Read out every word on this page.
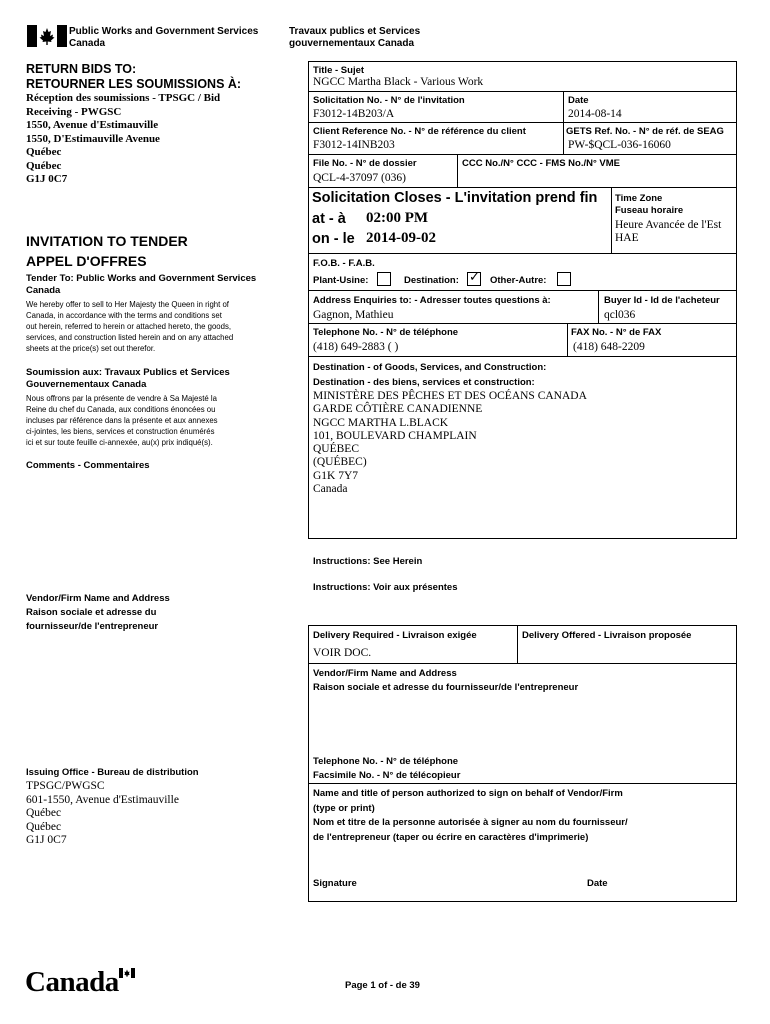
Public Works and Government Services
Canada
Travaux publics et Services
gouvernementaux Canada
RETURN BIDS TO:
RETOURNER LES SOUMISSIONS À:
Réception des soumissions - TPSGC / Bid
Receiving - PWGSC
1550, Avenue d'Estimauville
1550, D'Estimauville Avenue
Québec
Québec
G1J 0C7
INVITATION TO TENDER
APPEL D'OFFRES
Tender To: Public Works and Government Services
Canada
We hereby offer to sell to Her Majesty the Queen in right of
Canada, in accordance with the terms and conditions set
out herein, referred to herein or attached hereto, the goods,
services, and construction listed herein and on any attached
sheets at the price(s) set out therefor.
Soumission aux: Travaux Publics et Services
Gouvernementaux Canada
Nous offrons par la présente de vendre à Sa Majesté la
Reine du chef du Canada, aux conditions énoncées ou
incluses par référence dans la présente et aux annexes
ci-jointes, les biens, services et construction énumérés
ici et sur toute feuille ci-annexée, au(x) prix indiqué(s).
Comments - Commentaires
Vendor/Firm Name and Address
Raison sociale et adresse du
fournisseur/de l'entrepreneur
Issuing Office - Bureau de distribution
TPSGC/PWGSC
601-1550, Avenue d'Estimauville
Québec
Québec
G1J 0C7
Title - Sujet
NGCC Martha Black - Various Work
Solicitation No. - N° de l'invitation
F3012-14B203/A
Date
2014-08-14
Client Reference No. - N° de référence du client
F3012-14INB203
GETS Ref. No. - N° de réf. de SEAG
PW-$QCL-036-16060
File No. - N° de dossier
QCL-4-37097 (036)
CCC No./N° CCC - FMS No./N° VME
Solicitation Closes - L'invitation prend fin
at - à 02:00 PM
on - le 2014-09-02
Time Zone
Fuseau horaire
Heure Avancée de l'Est
HAE
F.O.B. - F.A.B.
Plant-Usine:	Destination: ✓ Other-Autre:
Address Enquiries to: - Adresser toutes questions à:
Gagnon, Mathieu
Buyer Id - Id de l'acheteur
qcl036
Telephone No. - N° de téléphone
(418) 649-2883 ( )
FAX No. - N° de FAX
(418) 648-2209
Destination - of Goods, Services, and Construction:
Destination - des biens, services et construction:
MINISTÈRE DES PÊCHES ET DES OCÉANS CANADA
GARDE CÔTIÈRE CANADIENNE
NGCC MARTHA L.BLACK
101, BOULEVARD CHAMPLAIN
QUÉBEC
(QUÉBEC)
G1K 7Y7
Canada
Instructions: See Herein
Instructions: Voir aux présentes
Delivery Required - Livraison exigée
VOIR DOC.
Delivery Offered - Livraison proposée
Vendor/Firm Name and Address
Raison sociale et adresse du fournisseur/de l'entrepreneur
Telephone No. - N° de téléphone
Facsimile No. - N° de télécopieur
Name and title of person authorized to sign on behalf of Vendor/Firm
(type or print)
Nom et titre de la personne autorisée à signer au nom du fournisseur/
de l'entrepreneur (taper ou écrire en caractères d'imprimerie)
Signature	Date
Canada	Page 1 of - de 39
